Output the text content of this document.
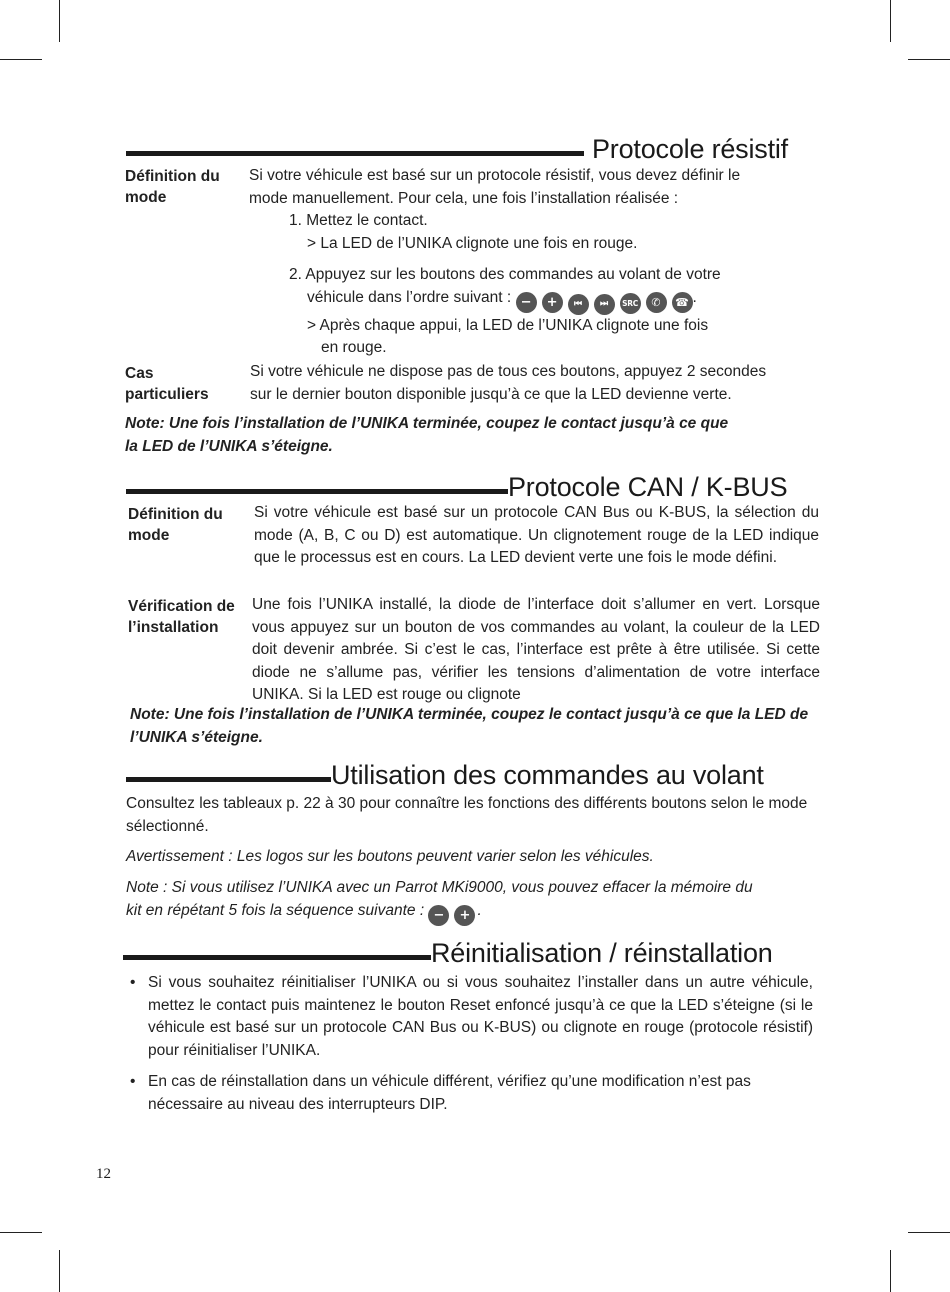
Protocole résistif
Définition du mode
Si votre véhicule est basé sur un protocole résistif, vous devez définir le
mode manuellement. Pour cela, une fois l’installation réalisée :
1. Mettez le contact.
> La LED de l’UNIKA clignote une fois en rouge.
2. Appuyez sur les boutons des commandes au volant de votre
véhicule dans l’ordre suivant : − + ⏮ ⏭ SRC ✆ ☎ .
> Après chaque appui, la LED de l’UNIKA clignote une fois
en rouge.
Cas particuliers
Si votre véhicule ne dispose pas de tous ces boutons, appuyez 2 secondes
sur le dernier bouton disponible jusqu’à ce que la LED devienne verte.
Note: Une fois l’installation de l’UNIKA terminée, coupez le contact jusqu’à ce que
la LED de l’UNIKA s’éteigne.
Protocole CAN / K-BUS
Définition du mode
Si votre véhicule est basé sur un protocole CAN Bus ou K-BUS, la sélection du mode (A, B, C ou D) est automatique. Un clignotement rouge de la LED indique que le processus est en cours. La LED devient verte une fois le mode défini.
Vérification de l’installation
Une fois l’UNIKA installé, la diode de l’interface doit s’allumer en vert. Lorsque vous appuyez sur un bouton de vos commandes au volant, la couleur de la LED doit devenir ambrée. Si c’est le cas, l’interface est prête à être utilisée. Si cette diode ne s’allume pas, vérifier les tensions d’alimentation de votre interface UNIKA. Si la LED est rouge ou clignote
Note: Une fois l’installation de l’UNIKA terminée, coupez le contact jusqu’à ce que la LED de l’UNIKA s’éteigne.
Utilisation des commandes au volant
Consultez les tableaux p. 22 à 30 pour connaître les fonctions des différents boutons selon le mode sélectionné.
Avertissement : Les logos sur les boutons peuvent varier selon les véhicules.
Note : Si vous utilisez l’UNIKA avec un Parrot MKi9000, vous pouvez effacer la mémoire du
kit en répétant 5 fois la séquence suivante : − + .
Réinitialisation / réinstallation
• Si vous souhaitez réinitialiser l’UNIKA ou si vous souhaitez l’installer dans un autre véhicule, mettez le contact puis maintenez le bouton Reset enfoncé jusqu’à ce que la LED s’éteigne (si le véhicule est basé sur un protocole CAN Bus ou K-BUS) ou clignote en rouge (protocole résistif) pour réinitialiser l’UNIKA.
• En cas de réinstallation dans un véhicule différent, vérifiez qu’une modification n’est pas nécessaire au niveau des interrupteurs DIP.
12
